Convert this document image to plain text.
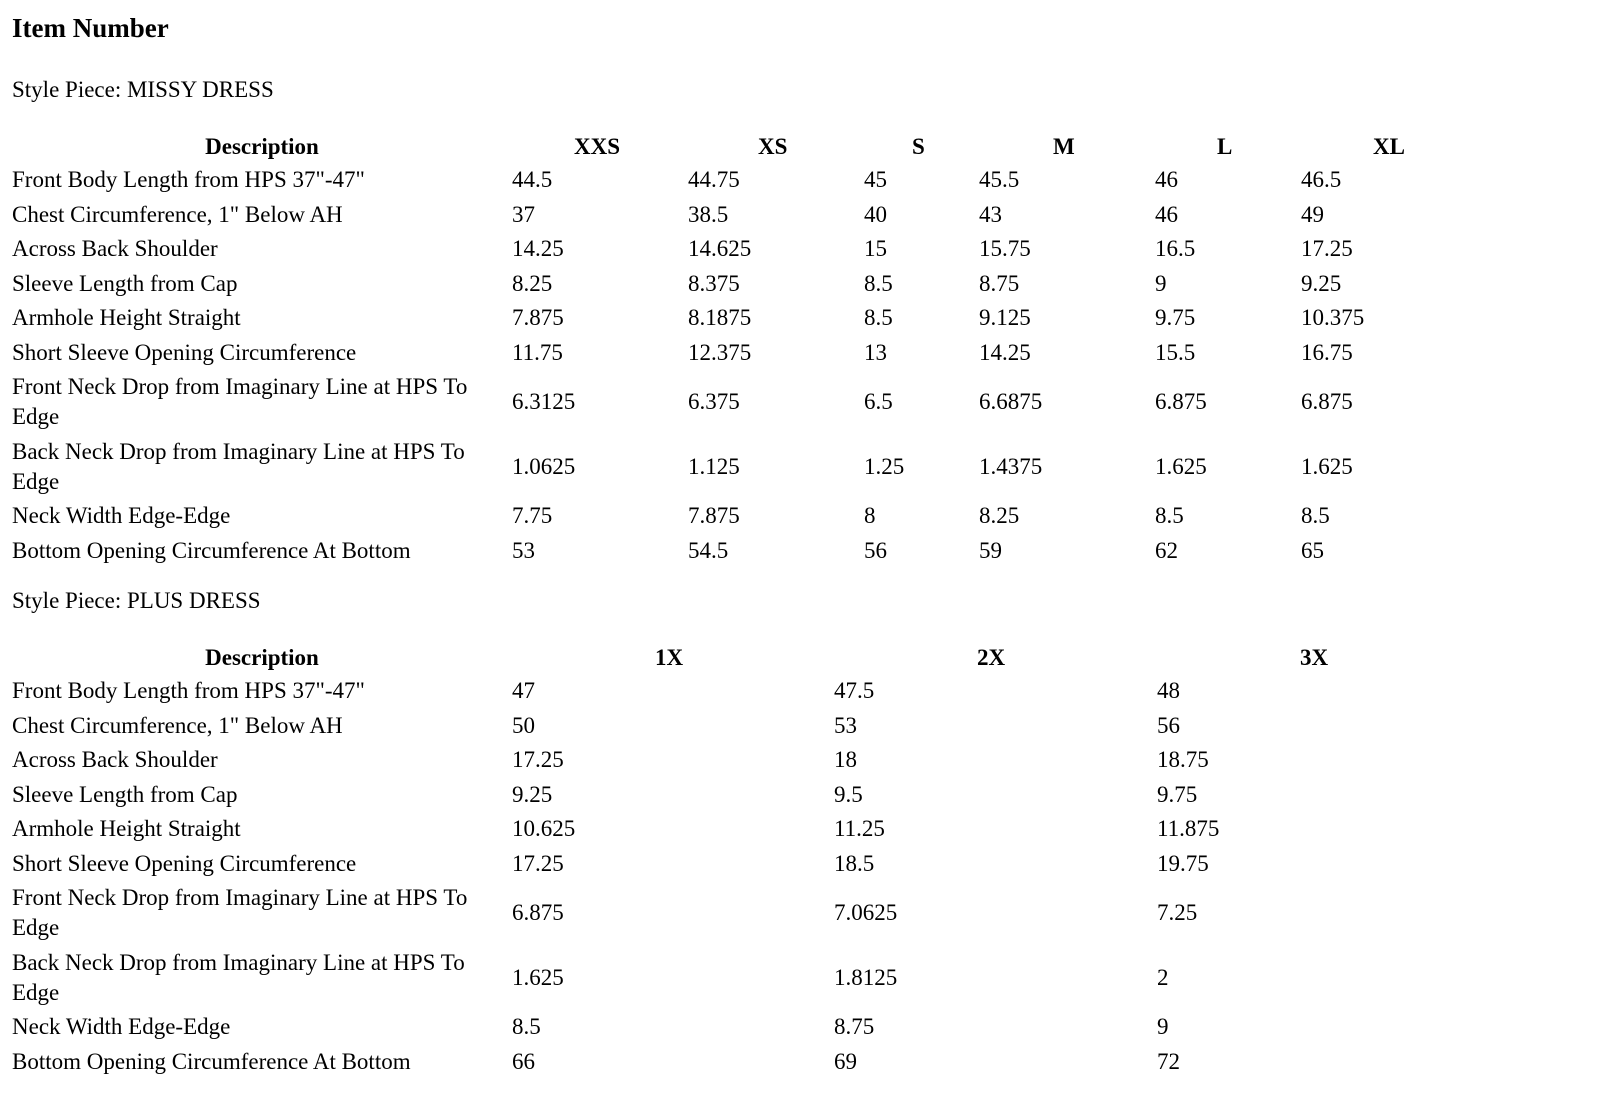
Item Number

Style Piece: MISSY DRESS

Description	XXS	XS	S	M	L	XL
Front Body Length from HPS 37"-47"	44.5	44.75	45	45.5	46	46.5
Chest Circumference, 1" Below AH	37	38.5	40	43	46	49
Across Back Shoulder	14.25	14.625	15	15.75	16.5	17.25
Sleeve Length from Cap	8.25	8.375	8.5	8.75	9	9.25
Armhole Height Straight	7.875	8.1875	8.5	9.125	9.75	10.375
Short Sleeve Opening Circumference	11.75	12.375	13	14.25	15.5	16.75
Front Neck Drop from Imaginary Line at HPS To Edge	6.3125	6.375	6.5	6.6875	6.875	6.875
Back Neck Drop from Imaginary Line at HPS To Edge	1.0625	1.125	1.25	1.4375	1.625	1.625
Neck Width Edge-Edge	7.75	7.875	8	8.25	8.5	8.5
Bottom Opening Circumference At Bottom	53	54.5	56	59	62	65

Style Piece: PLUS DRESS

Description	1X	2X	3X
Front Body Length from HPS 37"-47"	47	47.5	48
Chest Circumference, 1" Below AH	50	53	56
Across Back Shoulder	17.25	18	18.75
Sleeve Length from Cap	9.25	9.5	9.75
Armhole Height Straight	10.625	11.25	11.875
Short Sleeve Opening Circumference	17.25	18.5	19.75
Front Neck Drop from Imaginary Line at HPS To Edge	6.875	7.0625	7.25
Back Neck Drop from Imaginary Line at HPS To Edge	1.625	1.8125	2
Neck Width Edge-Edge	8.5	8.75	9
Bottom Opening Circumference At Bottom	66	69	72
